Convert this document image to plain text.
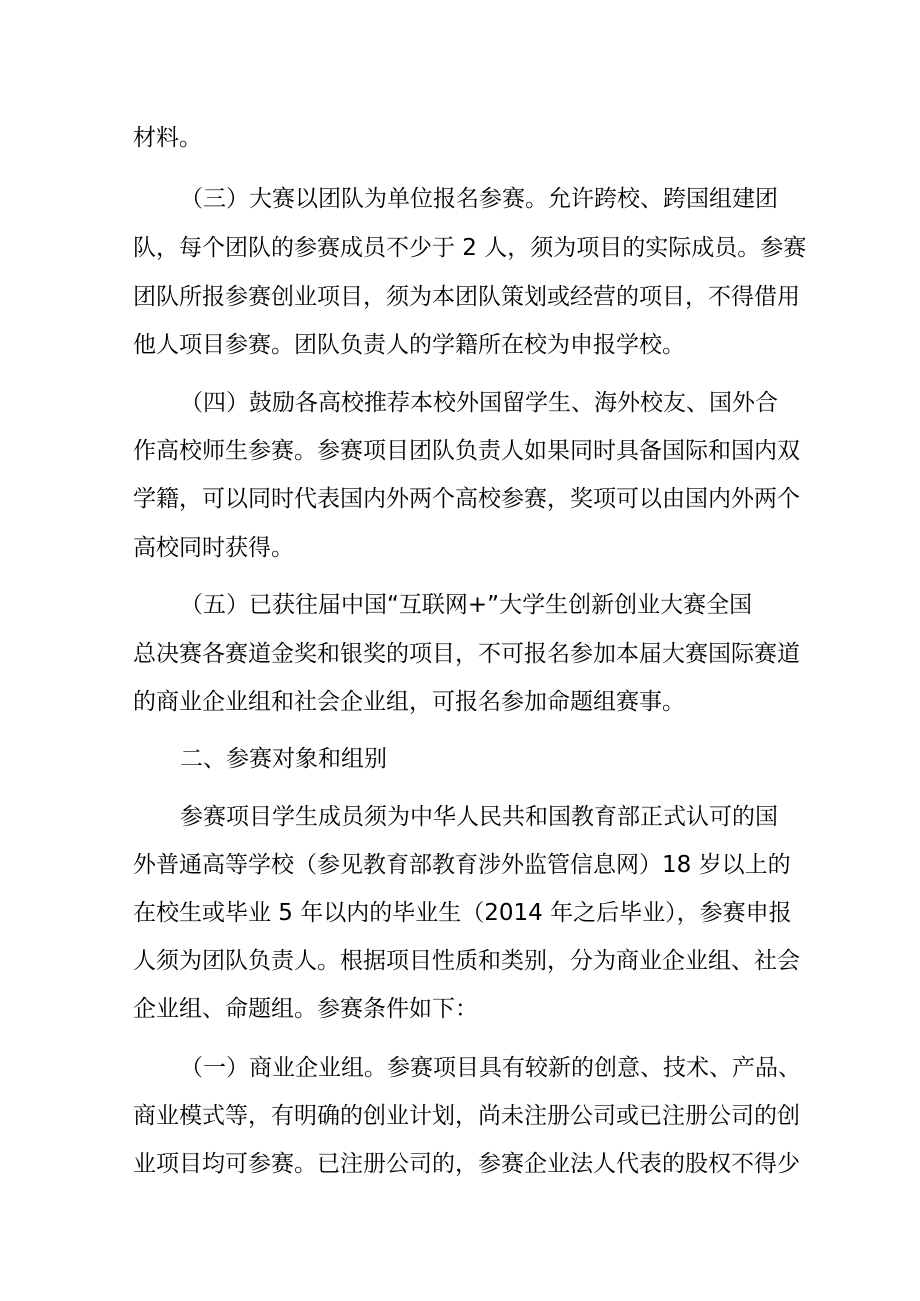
材料。
（三）大赛以团队为单位报名参赛。允许跨校、跨国组建团
队，每个团队的参赛成员不少于 2 人，须为项目的实际成员。参赛
团队所报参赛创业项目，须为本团队策划或经营的项目，不得借用
他人项目参赛。团队负责人的学籍所在校为申报学校。
（四）鼓励各高校推荐本校外国留学生、海外校友、国外合
作高校师生参赛。参赛项目团队负责人如果同时具备国际和国内双
学籍，可以同时代表国内外两个高校参赛，奖项可以由国内外两个
高校同时获得。
（五）已获往届中国“互联网+”大学生创新创业大赛全国
总决赛各赛道金奖和银奖的项目，不可报名参加本届大赛国际赛道
的商业企业组和社会企业组，可报名参加命题组赛事。
二、参赛对象和组别
参赛项目学生成员须为中华人民共和国教育部正式认可的国
外普通高等学校（参见教育部教育涉外监管信息网）18 岁以上的
在校生或毕业 5 年以内的毕业生（2014 年之后毕业），参赛申报
人须为团队负责人。根据项目性质和类别，分为商业企业组、社会
企业组、命题组。参赛条件如下：
（一）商业企业组。参赛项目具有较新的创意、技术、产品、
商业模式等，有明确的创业计划，尚未注册公司或已注册公司的创
业项目均可参赛。已注册公司的，参赛企业法人代表的股权不得少
